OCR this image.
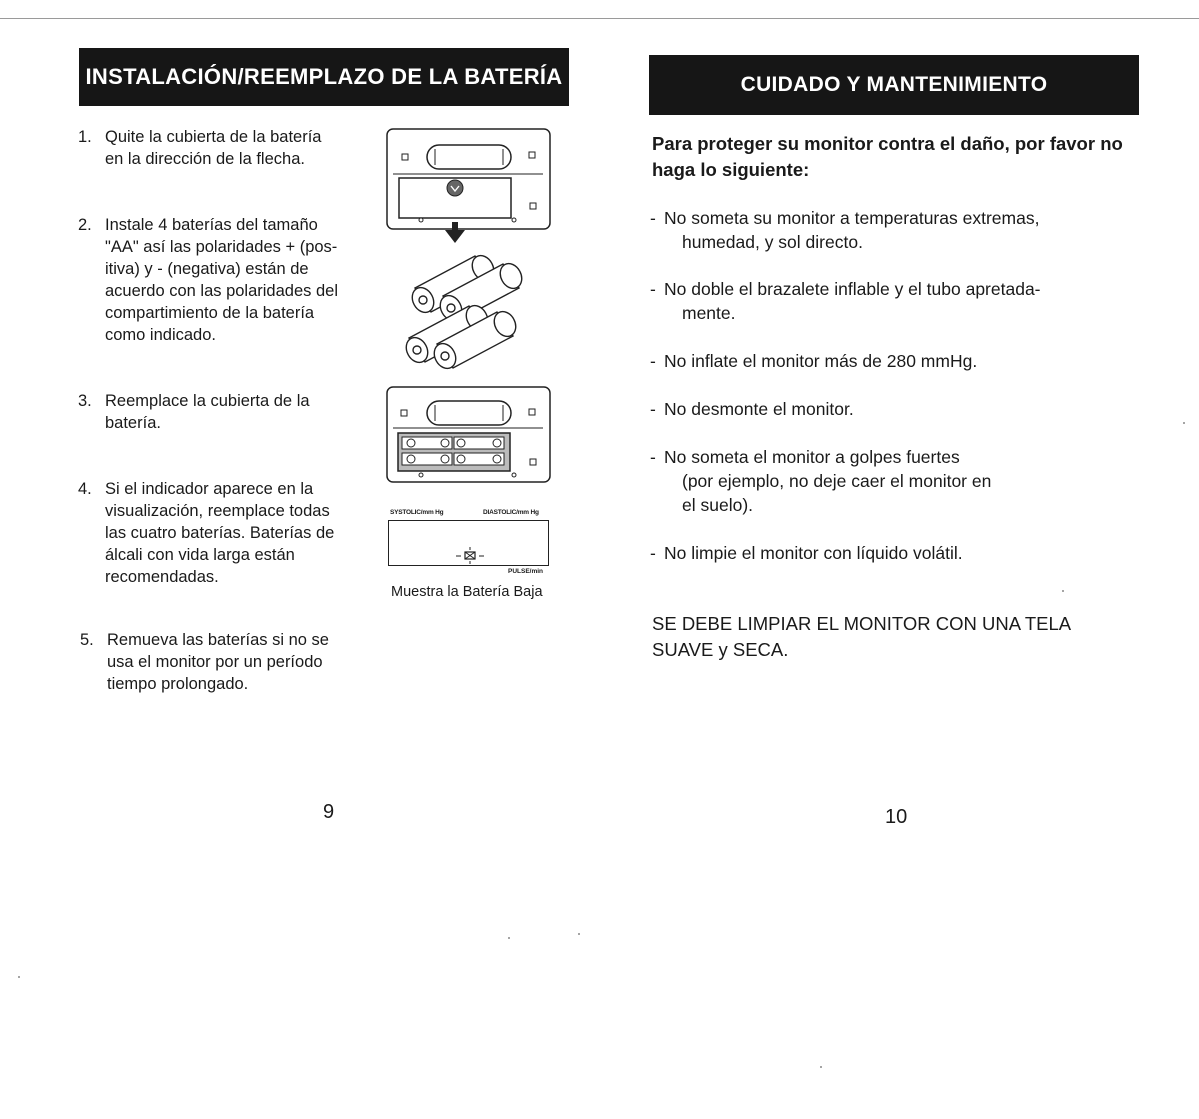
INSTALACIÓN/REEMPLAZO DE LA BATERÍA
1. Quite la cubierta de la batería
en la dirección de la flecha.
2. Instale 4 baterías del tamaño
"AA" así las polaridades + (pos-
itiva) y - (negativa) están de
acuerdo con las polaridades del
compartimiento de la batería
como indicado.
3. Reemplace la cubierta de la
batería.
4. Si el indicador aparece en la
visualización, reemplace todas
las cuatro baterías. Baterías de
álcali con vida larga están
recomendadas.
5. Remueva las baterías si no se
usa el monitor por un período
tiempo prolongado.
SYSTOLIC/mm Hg	DIASTOLIC/mm Hg
PULSE/min
Muestra la Batería Baja
9
CUIDADO Y MANTENIMIENTO
Para proteger su monitor contra el daño, por favor no haga lo siguiente:
- No someta su monitor a temperaturas extremas,
humedad, y sol directo.
- No doble el brazalete inflable y el tubo apretada-
mente.
- No inflate el monitor más de 280 mmHg.
- No desmonte el monitor.
- No someta el monitor a golpes fuertes
(por ejemplo, no deje caer el monitor en
el suelo).
- No limpie el monitor con líquido volátil.
SE DEBE LIMPIAR EL MONITOR CON UNA TELA
SUAVE y SECA.
10
